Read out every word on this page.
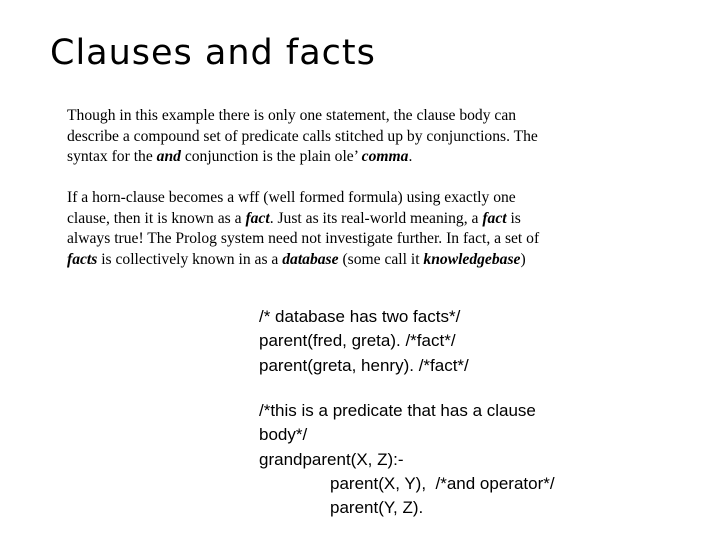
Clauses and facts
Though in this example there is only one statement, the clause body can
describe a compound set of predicate calls stitched up by conjunctions. The
syntax for the and conjunction is the plain ole’ comma.
If a horn-clause becomes a wff (well formed formula) using exactly one
clause, then it is known as a fact. Just as its real-world meaning, a fact is
always true! The Prolog system need not investigate further. In fact, a set of
facts is collectively known in as a database (some call it knowledgebase)
/* database has two facts*/
parent(fred, greta). /*fact*/
parent(greta, henry). /*fact*/
/*this is a predicate that has a clause
body*/
grandparent(X, Z):-
parent(X, Y),  /*and operator*/
parent(Y, Z).
